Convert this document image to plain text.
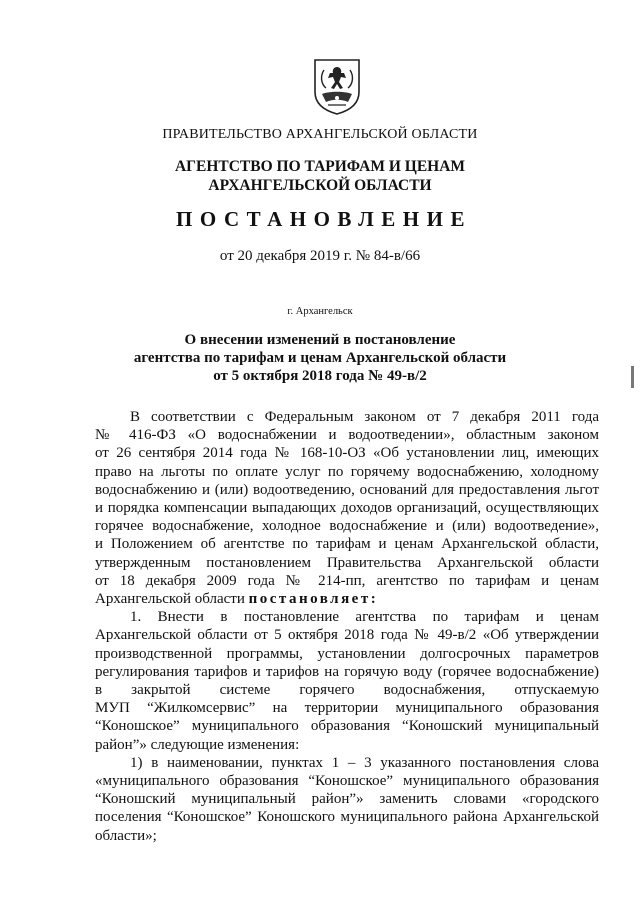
ПРАВИТЕЛЬСТВО АРХАНГЕЛЬСКОЙ ОБЛАСТИ
АГЕНТСТВО ПО ТАРИФАМ И ЦЕНАМ
АРХАНГЕЛЬСКОЙ ОБЛАСТИ
ПОСТАНОВЛЕНИЕ
от 20 декабря 2019 г. № 84-в/66
г. Архангельск
О внесении изменений в постановление
агентства по тарифам и ценам Архангельской области
от 5 октября 2018 года № 49-в/2
В соответствии с Федеральным законом от 7 декабря 2011 года
№ 416-ФЗ «О водоснабжении и водоотведении», областным законом
от 26 сентября 2014 года № 168-10-ОЗ «Об установлении лиц, имеющих
право на льготы по оплате услуг по горячему водоснабжению, холодному
водоснабжению и (или) водоотведению, оснований для предоставления льгот
и порядка компенсации выпадающих доходов организаций, осуществляющих
горячее водоснабжение, холодное водоснабжение и (или) водоотведение»,
и Положением об агентстве по тарифам и ценам Архангельской области,
утвержденным постановлением Правительства Архангельской области
от 18 декабря 2009 года № 214-пп, агентство по тарифам и ценам
Архангельской области постановляет:
1. Внести в постановление агентства по тарифам и ценам
Архангельской области от 5 октября 2018 года № 49-в/2 «Об утверждении
производственной программы, установлении долгосрочных параметров
регулирования тарифов и тарифов на горячую воду (горячее водоснабжение)
в закрытой системе горячего водоснабжения, отпускаемую
МУП “Жилкомсервис” на территории муниципального образования
“Коношское” муниципального образования “Коношский муниципальный
район”» следующие изменения:
1) в наименовании, пунктах 1 – 3 указанного постановления слова
«муниципального образования “Коношское” муниципального образования
“Коношский муниципальный район”» заменить словами «городского
поселения “Коношское” Коношского муниципального района Архангельской
области»;
